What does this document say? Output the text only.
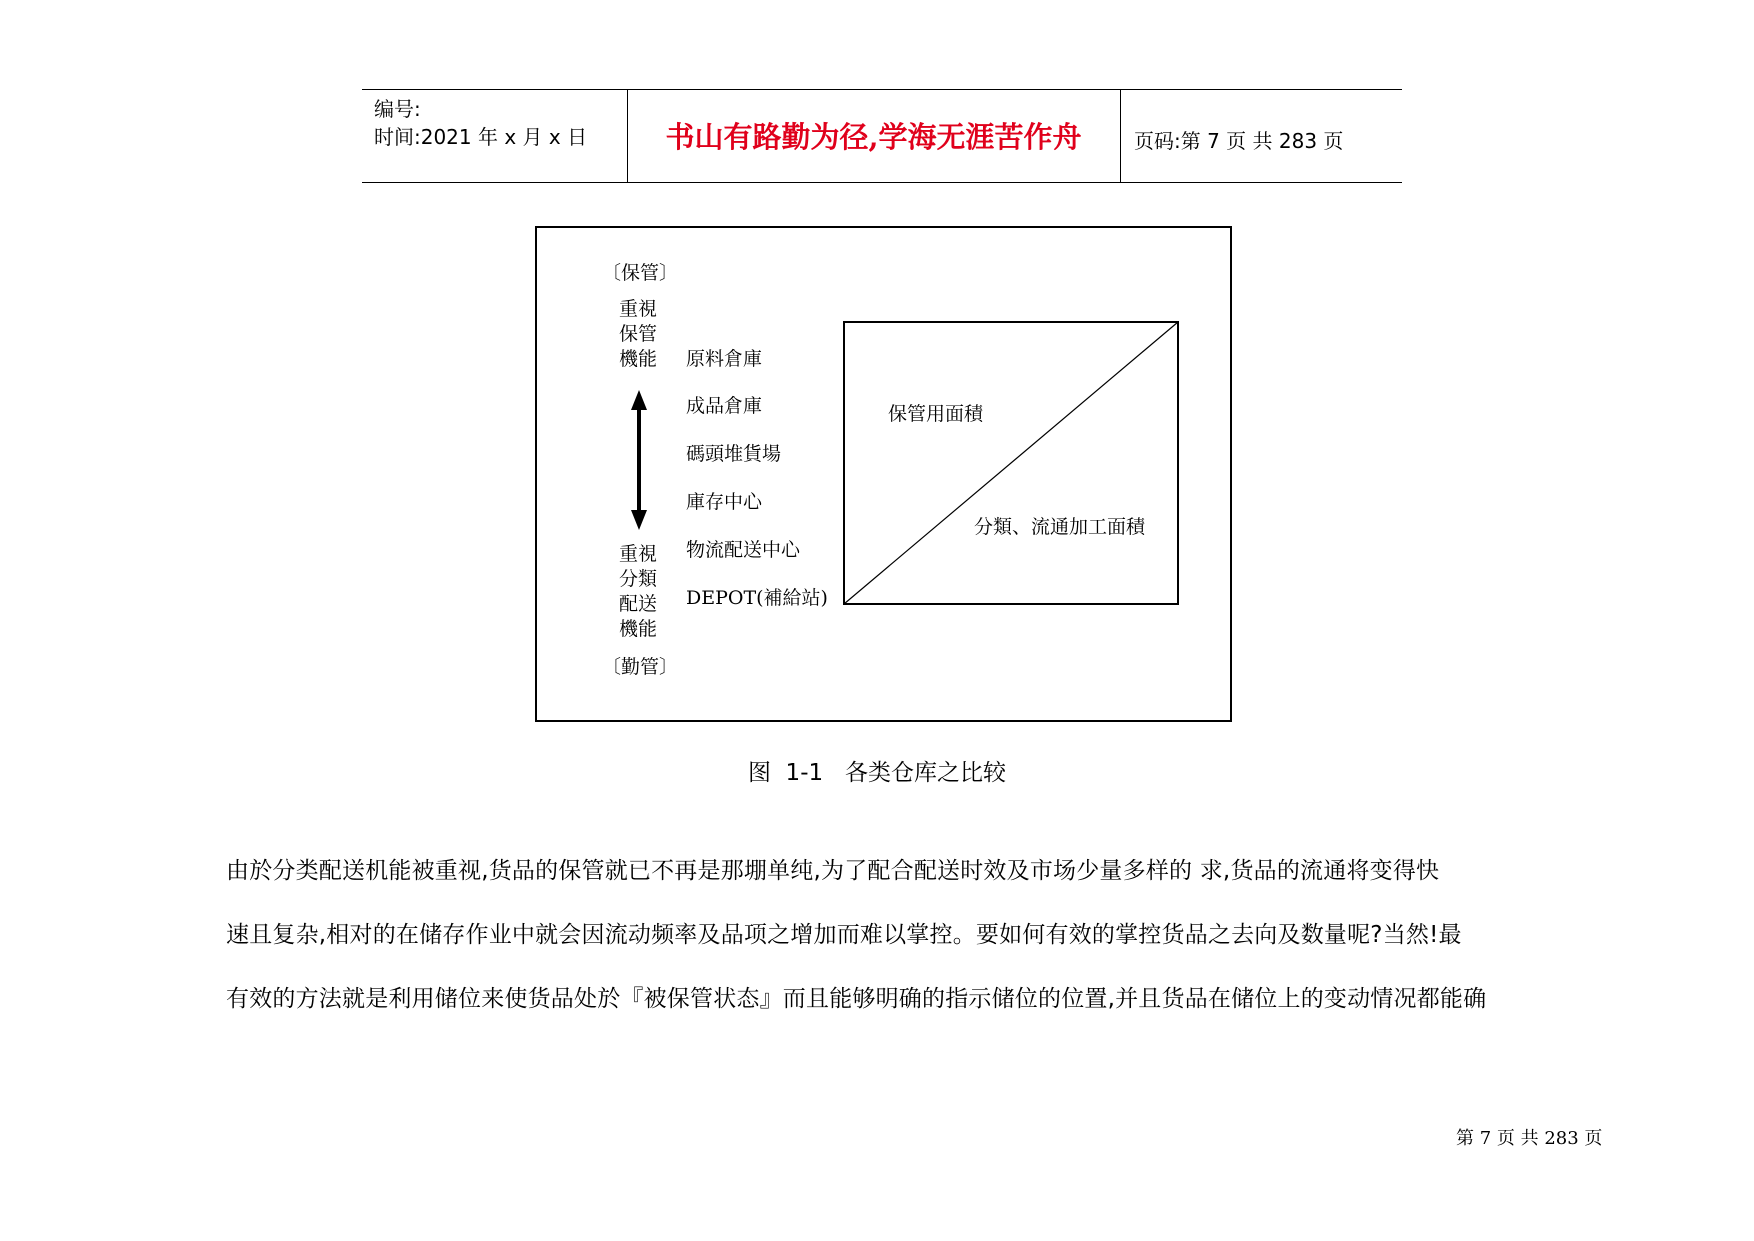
编号:
时间:2021 年 x 月 x 日	书山有路勤为径,学海无涯苦作舟	页码:第 7 页 共 283 页
〔保管〕
重視
保管
機能
重視
分類
配送
機能
〔勤管〕
原料倉庫
成品倉庫
碼頭堆貨場
庫存中心
物流配送中心
DEPOT(補給站)
保管用面積
分類、流通加工面積
图  1-1   各类仓库之比较
由於分类配送机能被重视,货品的保管就已不再是那堋单纯,为了配合配送时效及市场少量多样的 求,货品的流通将变得快
速且复杂,相对的在储存作业中就会因流动频率及品项之增加而难以掌控。要如何有效的掌控货品之去向及数量呢?当然!最
有效的方法就是利用储位来使货品处於『被保管状态』而且能够明确的指示储位的位置,并且货品在储位上的变动情况都能确
第 7 页 共 283 页
